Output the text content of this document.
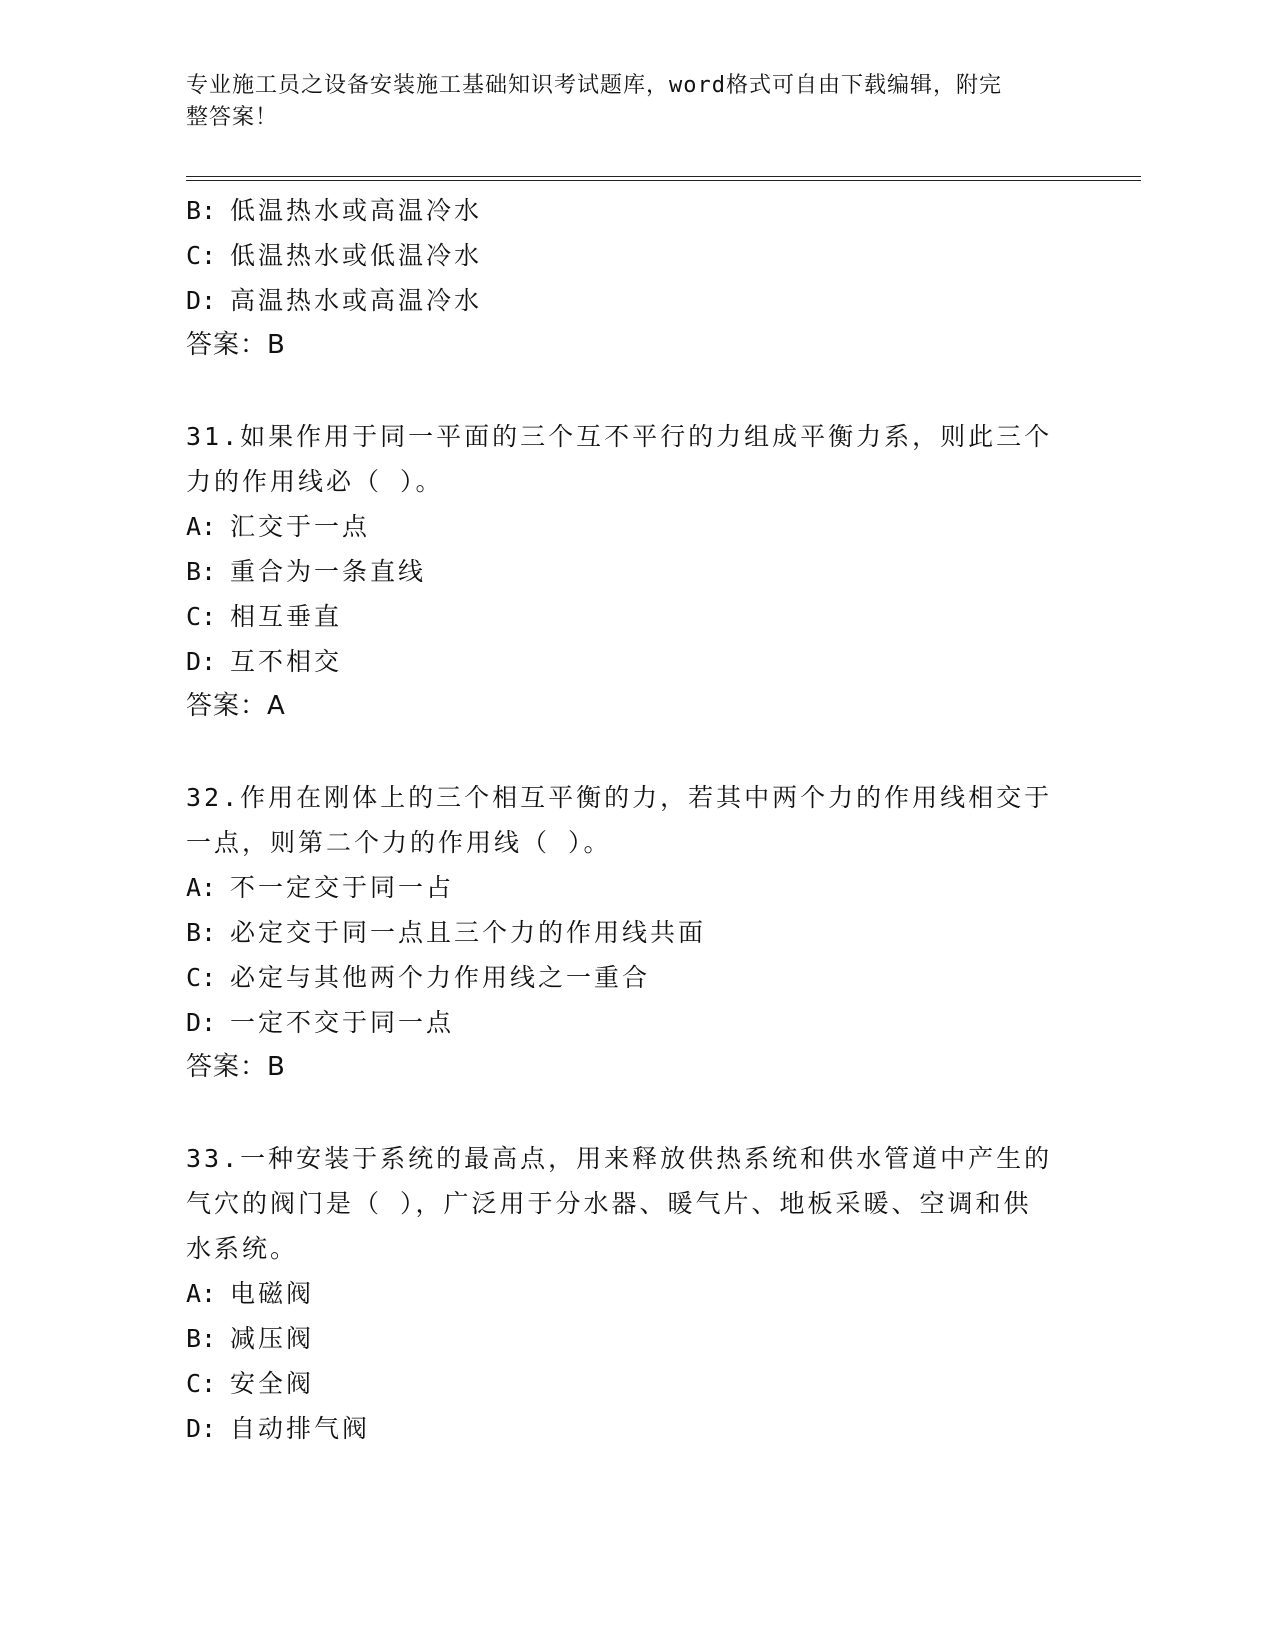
专业施工员之设备安装施工基础知识考试题库，word格式可自由下载编辑，附完
整答案！
B: 低温热水或高温冷水
C: 低温热水或低温冷水
D: 高温热水或高温冷水
答案：B
31.如果作用于同一平面的三个互不平行的力组成平衡力系，则此三个
力的作用线必（ ）。
A: 汇交于一点
B: 重合为一条直线
C: 相互垂直
D: 互不相交
答案：A
32.作用在刚体上的三个相互平衡的力，若其中两个力的作用线相交于
一点，则第二个力的作用线（ ）。
A: 不一定交于同一占
B: 必定交于同一点且三个力的作用线共面
C: 必定与其他两个力作用线之一重合
D: 一定不交于同一点
答案：B
33.一种安装于系统的最高点，用来释放供热系统和供水管道中产生的
气穴的阀门是（ ），广泛用于分水器、暖气片、地板采暖、空调和供
水系统。
A: 电磁阀
B: 减压阀
C: 安全阀
D: 自动排气阀
